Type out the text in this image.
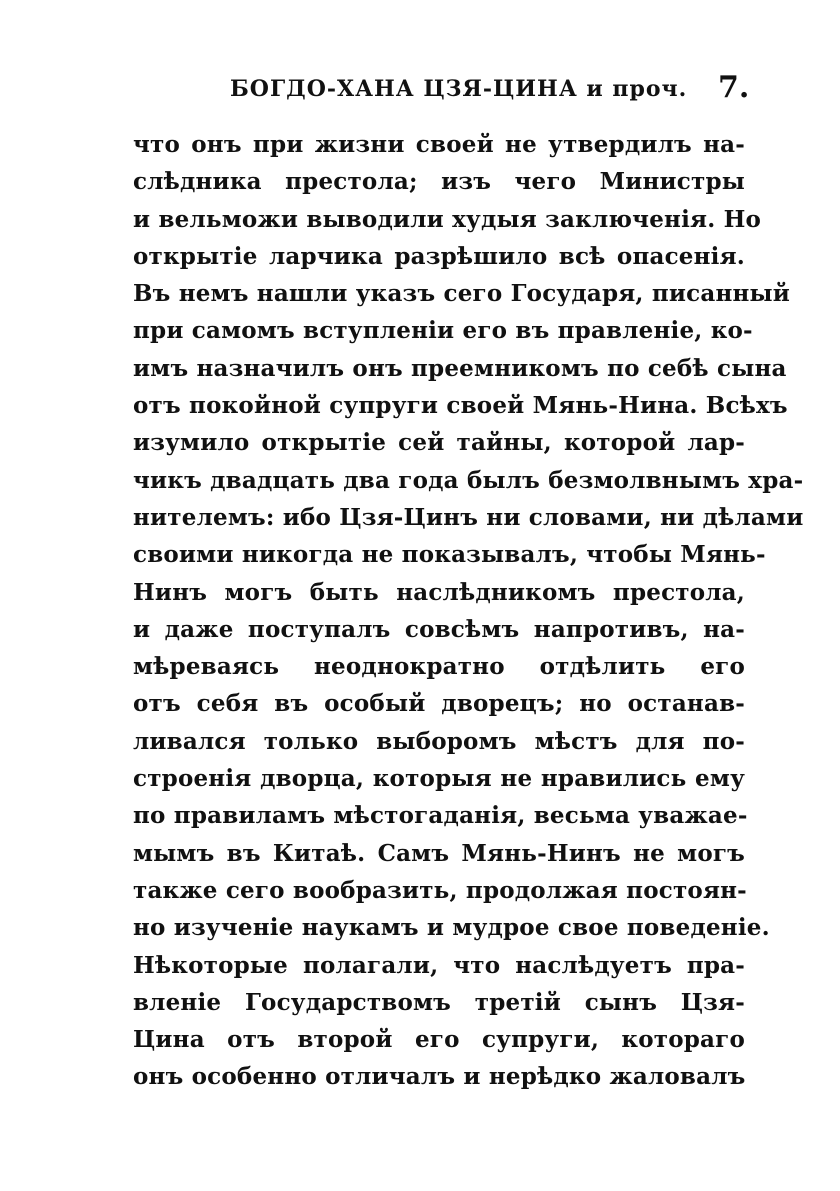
БОГДО-ХАНА ЦЗЯ-ЦИНА и проч. 7.
что онъ при жизни своей не утвердилъ на-
слѣдника престола; изъ чего Министры
и вельможи выводили худыя заключенія. Но
открытіе ларчика разрѣшило всѣ опасенія.
Въ немъ нашли указъ сего Государя, писанный
при самомъ вступленіи его въ правленіе, ко-
имъ назначилъ онъ преемникомъ по себѣ сына
отъ покойной супруги своей Мянь-Нина. Всѣхъ
изумило открытіе сей тайны, которой лар-
чикъ двадцать два года былъ безмолвнымъ хра-
нителемъ: ибо Цзя-Цинъ ни словами, ни дѣлами
своими никогда не показывалъ, чтобы Мянь-
Нинъ могъ быть наслѣдникомъ престола,
и даже поступалъ совсѣмъ напротивъ, на-
мѣреваясь неоднократно отдѣлить его
отъ себя въ особый дворецъ; но останав-
ливался только выборомъ мѣстъ для по-
строенія дворца, которыя не нравились ему
по правиламъ мѣстогаданія, весьма уважае-
мымъ въ Китаѣ. Самъ Мянь-Нинъ не могъ
также сего вообразить, продолжая постоян-
но изученіе наукамъ и мудрое свое поведеніе.
Нѣкоторые полагали, что наслѣдуетъ пра-
вленіе Государствомъ третій сынъ Цзя-
Цина отъ второй его супруги, котораго
онъ особенно отличалъ и нерѣдко жаловалъ
